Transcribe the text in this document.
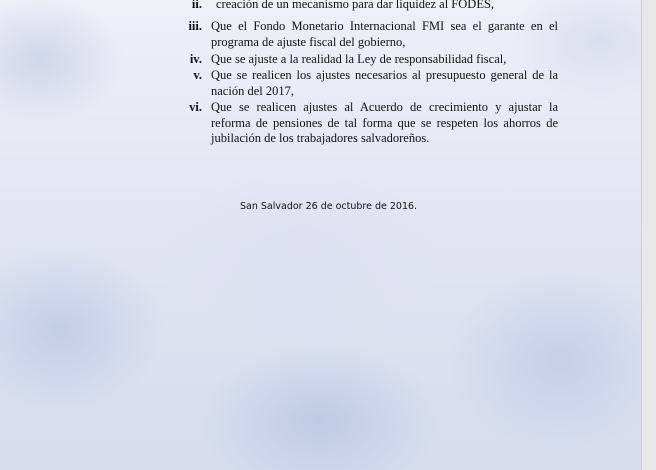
ii. creación de un mecanismo para dar liquidez al FODES,
iii. Que el Fondo Monetario Internacional FMI sea el garante en el programa de ajuste fiscal del gobierno,
iv. Que se ajuste a la realidad la Ley de responsabilidad fiscal,
v. Que se realicen los ajustes necesarios al presupuesto general de la nación del 2017,
vi. Que se realicen ajustes al Acuerdo de crecimiento y ajustar la reforma de pensiones de tal forma que se respeten los ahorros de jubilación de los trabajadores salvadoreños.
San Salvador 26 de octubre de 2016.
